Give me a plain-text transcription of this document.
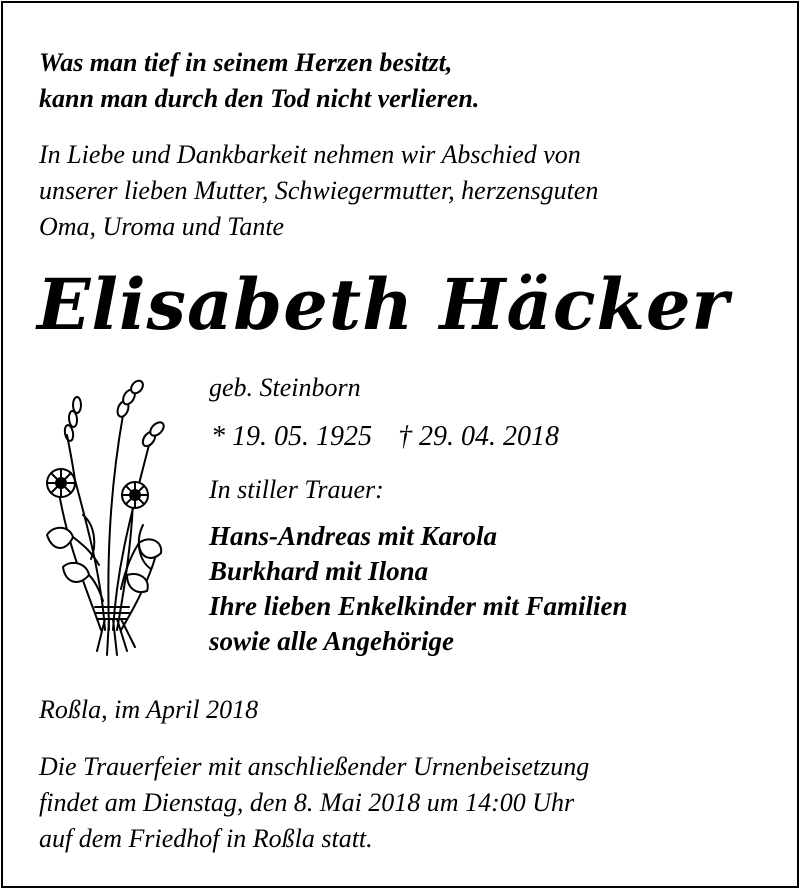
Was man tief in seinem Herzen besitzt,
kann man durch den Tod nicht verlieren.

In Liebe und Dankbarkeit nehmen wir Abschied von
unserer lieben Mutter, Schwiegermutter, herzensguten
Oma, Uroma und Tante

Elisabeth Häcker

geb. Steinborn

* 19. 05. 1925 † 29. 04. 2018

In stiller Trauer:

Hans-Andreas mit Karola
Burkhard mit Ilona
Ihre lieben Enkelkinder mit Familien
sowie alle Angehörige

Roßla, im April 2018

Die Trauerfeier mit anschließender Urnenbeisetzung
findet am Dienstag, den 8. Mai 2018 um 14:00 Uhr
auf dem Friedhof in Roßla statt.
